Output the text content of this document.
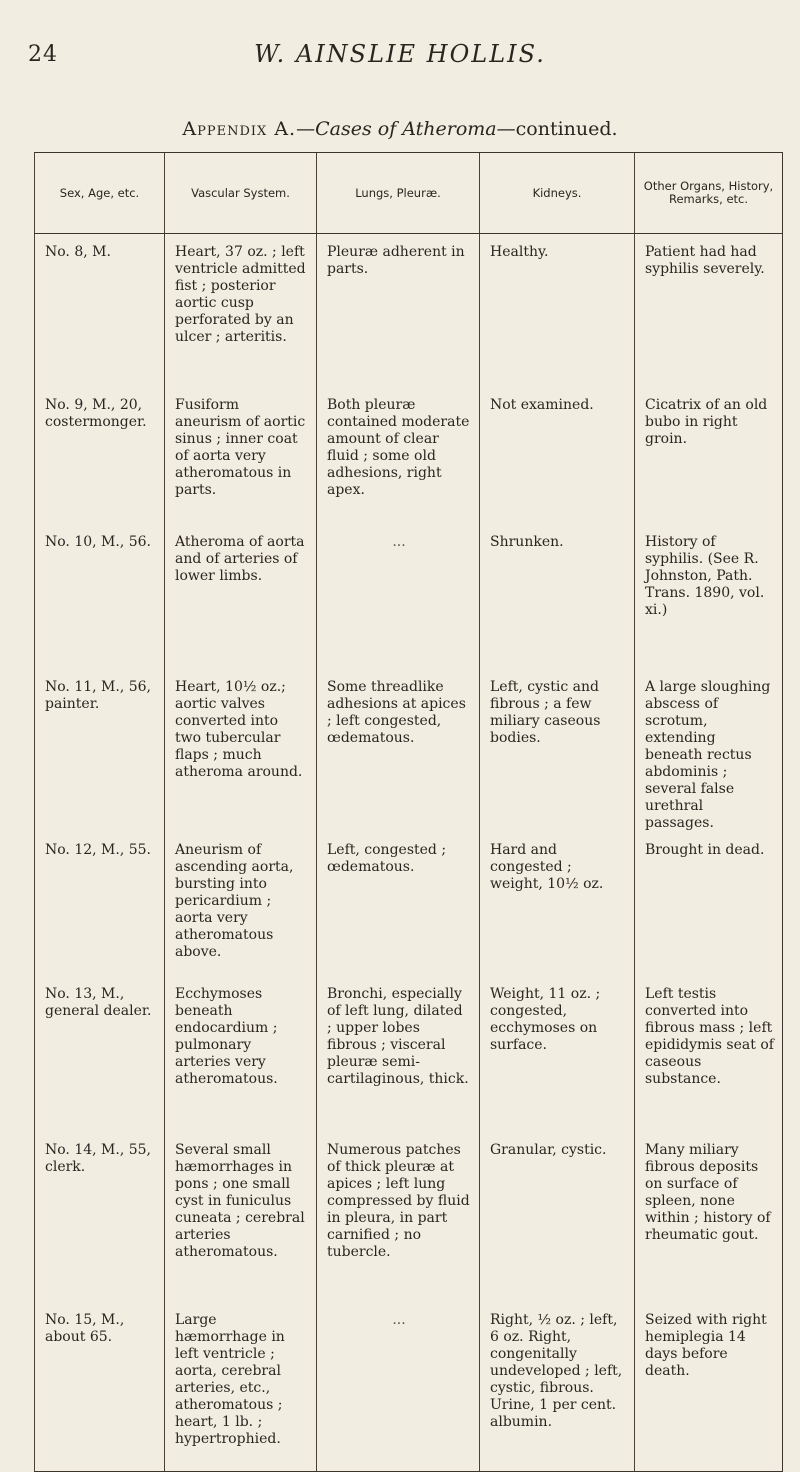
24	W. AINSLIE HOLLIS.
Appendix A.—Cases of Atheroma—continued.
Sex, Age, etc.	Vascular System.	Lungs, Pleuræ.	Kidneys.	Other Organs, History, Remarks, etc.
No. 8, M.	Heart, 37 oz. ; left ventricle admitted fist ; posterior aortic cusp perforated by an ulcer ; arteritis.	Pleuræ adherent in parts.	Healthy.	Patient had had syphilis severely.
No. 9, M., 20, costermonger.	Fusiform aneurism of aortic sinus ; inner coat of aorta very atheromatous in parts.	Both pleuræ contained moderate amount of clear fluid ; some old adhesions, right apex.	Not examined.	Cicatrix of an old bubo in right groin.
No. 10, M., 56.	Atheroma of aorta and of arteries of lower limbs.	...	Shrunken.	History of syphilis. (See R. Johnston, Path. Trans. 1890, vol. xi.)
No. 11, M., 56, painter.	Heart, 10½ oz.; aortic valves converted into two tubercular flaps ; much atheroma around.	Some threadlike adhesions at apices ; left congested, œdematous.	Left, cystic and fibrous ; a few miliary caseous bodies.	A large sloughing abscess of scrotum, extending beneath rectus abdominis ; several false urethral passages.
No. 12, M., 55.	Aneurism of ascending aorta, bursting into pericardium ; aorta very atheromatous above.	Left, congested ; œdematous.	Hard and congested ; weight, 10½ oz.	Brought in dead.
No. 13, M., general dealer.	Ecchymoses beneath endocardium ; pulmonary arteries very atheromatous.	Bronchi, especially of left lung, dilated ; upper lobes fibrous ; visceral pleuræ semi-cartilaginous, thick.	Weight, 11 oz. ; congested, ecchymoses on surface.	Left testis converted into fibrous mass ; left epididymis seat of caseous substance.
No. 14, M., 55, clerk.	Several small hæmorrhages in pons ; one small cyst in funiculus cuneata ; cerebral arteries atheromatous.	Numerous patches of thick pleuræ at apices ; left lung compressed by fluid in pleura, in part carnified ; no tubercle.	Granular, cystic.	Many miliary fibrous deposits on surface of spleen, none within ; history of rheumatic gout.
No. 15, M., about 65.	Large hæmorrhage in left ventricle ; aorta, cerebral arteries, etc., atheromatous ; heart, 1 lb. ; hypertrophied.	...	Right, ½ oz. ; left, 6 oz. Right, congenitally undeveloped ; left, cystic, fibrous. Urine, 1 per cent. albumin.	Seized with right hemiplegia 14 days before death.
